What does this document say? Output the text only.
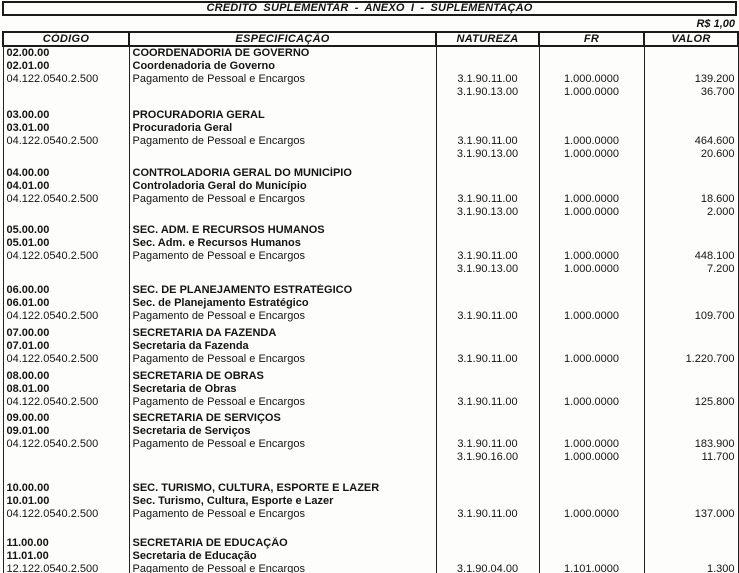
CRÉDITO SUPLEMENTAR - ANEXO I - SUPLEMENTAÇÃO
R$ 1,00
CÓDIGO	ESPECIFICAÇÃO	NATUREZA	FR	VALOR
02.00.00	COORDENADORIA DE GOVERNO			
02.01.00	Coordenadoria de Governo			
04.122.0540.2.500	Pagamento de Pessoal e Encargos	3.1.90.11.00	1.000.0000	139.200
		3.1.90.13.00	1.000.0000	36.700

03.00.00	PROCURADORIA GERAL			
03.01.00	Procuradoria Geral			
04.122.0540.2.500	Pagamento de Pessoal e Encargos	3.1.90.11.00	1.000.0000	464.600
		3.1.90.13.00	1.000.0000	20.600

04.00.00	CONTROLADORIA GERAL DO MUNICÍPIO			
04.01.00	Controladoria Geral do Município			
04.122.0540.2.500	Pagamento de Pessoal e Encargos	3.1.90.11.00	1.000.0000	18.600
		3.1.90.13.00	1.000.0000	2.000

05.00.00	SEC. ADM. E RECURSOS HUMANOS			
05.01.00	Sec. Adm. e Recursos Humanos			
04.122.0540.2.500	Pagamento de Pessoal e Encargos	3.1.90.11.00	1.000.0000	448.100
		3.1.90.13.00	1.000.0000	7.200

06.00.00	SEC. DE PLANEJAMENTO ESTRATÉGICO			
06.01.00	Sec. de Planejamento Estratégico			
04.122.0540.2.500	Pagamento de Pessoal e Encargos	3.1.90.11.00	1.000.0000	109.700

07.00.00	SECRETARIA DA FAZENDA			
07.01.00	Secretaria da Fazenda			
04.122.0540.2.500	Pagamento de Pessoal e Encargos	3.1.90.11.00	1.000.0000	1.220.700

08.00.00	SECRETARIA DE OBRAS			
08.01.00	Secretaria de Obras			
04.122.0540.2.500	Pagamento de Pessoal e Encargos	3.1.90.11.00	1.000.0000	125.800

09.00.00	SECRETARIA DE SERVIÇOS			
09.01.00	Secretaria de Serviços			
04.122.0540.2.500	Pagamento de Pessoal e Encargos	3.1.90.11.00	1.000.0000	183.900
		3.1.90.16.00	1.000.0000	11.700

10.00.00	SEC. TURISMO, CULTURA, ESPORTE E LAZER			
10.01.00	Sec. Turismo, Cultura, Esporte e Lazer			
04.122.0540.2.500	Pagamento de Pessoal e Encargos	3.1.90.11.00	1.000.0000	137.000

11.00.00	SECRETARIA DE EDUCAÇÃO			
11.01.00	Secretaria de Educação			
12.122.0540.2.500	Pagamento de Pessoal e Encargos	3.1.90.04.00	1.101.0000	1.300
